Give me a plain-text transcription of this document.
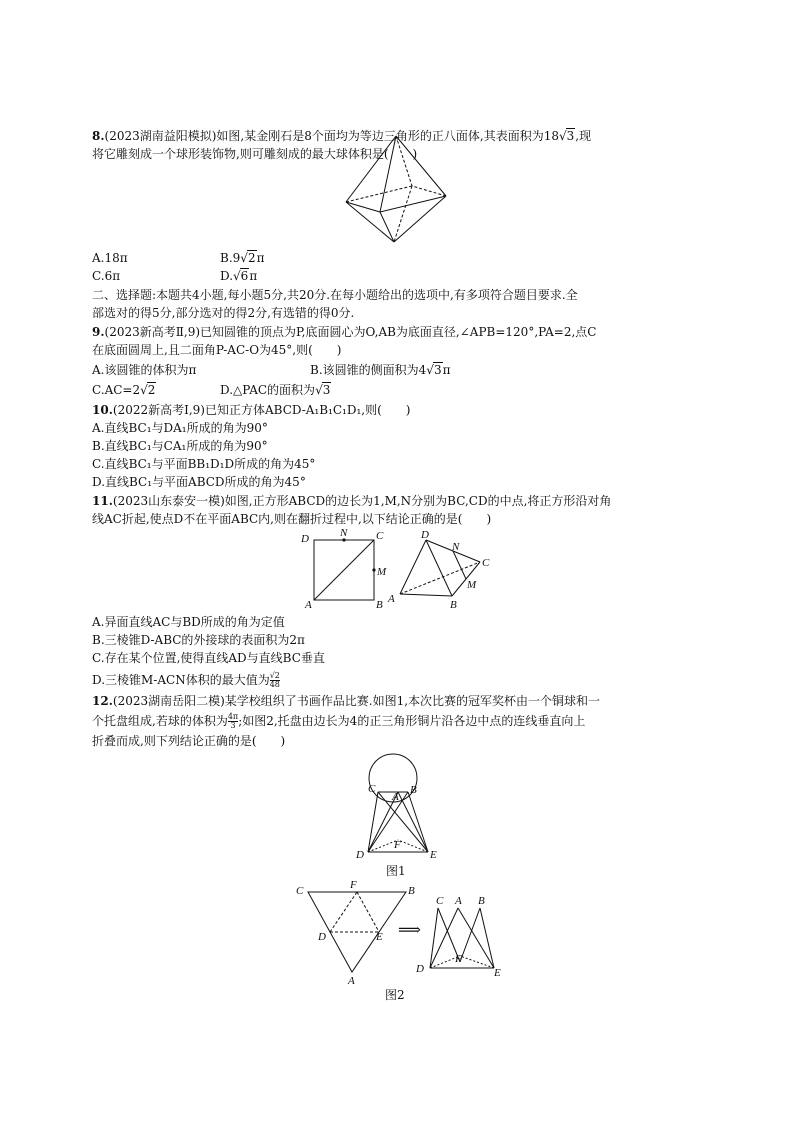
8.(2023湖南益阳模拟)如图,某金刚石是8个面均为等边三角形的正八面体,其表面积为18√3,现
将它雕刻成一个球形装饰物,则可雕刻成的最大球体积是(　　)
A.18π	B.9√2π
C.6π	D.√6π
二、选择题:本题共4小题,每小题5分,共20分.在每小题给出的选项中,有多项符合题目要求.全
部选对的得5分,部分选对的得2分,有选错的得0分.
9.(2023新高考Ⅱ,9)已知圆锥的顶点为P,底面圆心为O,AB为底面直径,∠APB=120°,PA=2,点C
在底面圆周上,且二面角P-AC-O为45°,则(　　)
A.该圆锥的体积为π	B.该圆锥的侧面积为4√3π
C.AC=2√2	D.△PAC的面积为√3
10.(2022新高考Ⅰ,9)已知正方体ABCD-A₁B₁C₁D₁,则(　　)
A.直线BC₁与DA₁所成的角为90°
B.直线BC₁与CA₁所成的角为90°
C.直线BC₁与平面BB₁D₁D所成的角为45°
D.直线BC₁与平面ABCD所成的角为45°
11.(2023山东泰安一模)如图,正方形ABCD的边长为1,M,N分别为BC,CD的中点,将正方形沿对角
线AC折起,使点D不在平面ABC内,则在翻折过程中,以下结论正确的是(　　)
D	N	C
M
A	B
D
N
C
M
A	B
A.异面直线AC与BD所成的角为定值
B.三棱锥D-ABC的外接球的表面积为2π
C.存在某个位置,使得直线AD与直线BC垂直
D.三棱锥M-ACN体积的最大值为 $\frac{√2}{48}$
12.(2023湖南岳阳二模)某学校组织了书画作品比赛.如图1,本次比赛的冠军奖杯由一个铜球和一
个托盘组成,若球的体积为 $\frac{4\pi}{3}$ ;如图2,托盘由边长为4的正三角形铜片沿各边中点的连线垂直向上
折叠而成,则下列结论正确的是(　　)
C
A
B
F
D	E
图1
C	F	B
D	E
A
⟹
C A B
F
D	E
图2
